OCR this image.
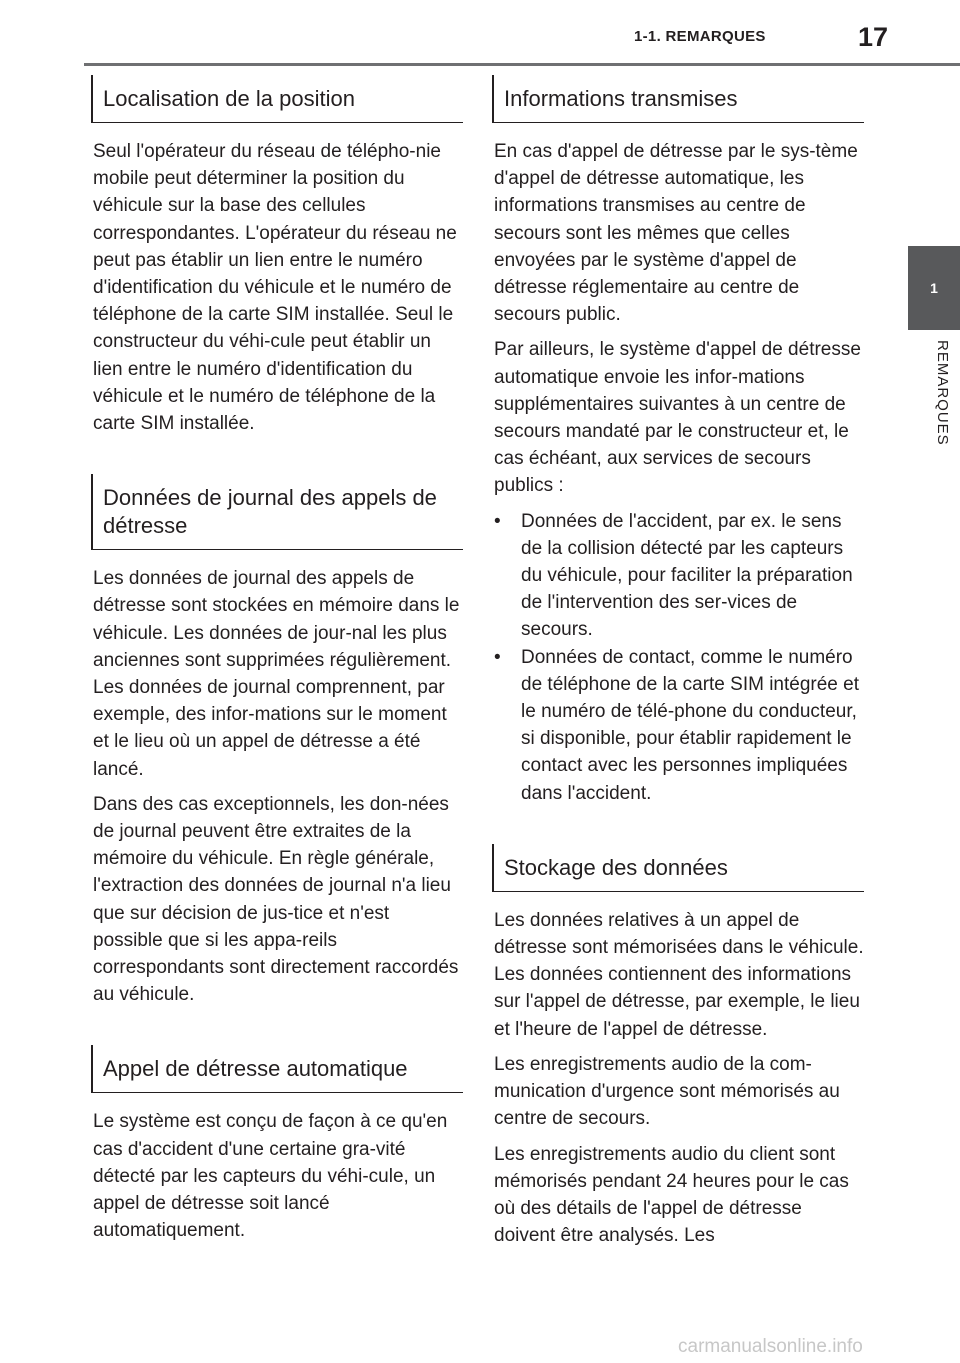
1-1. REMARQUES	17
1
REMARQUES
Localisation de la position

Seul l'opérateur du réseau de télépho-nie mobile peut déterminer la position du véhicule sur la base des cellules correspondantes. L'opérateur du réseau ne peut pas établir un lien entre le numéro d'identification du véhicule et le numéro de téléphone de la carte SIM installée. Seul le constructeur du véhi-cule peut établir un lien entre le numéro d'identification du véhicule et le numéro de téléphone de la carte SIM installée.

Données de journal des appels de détresse

Les données de journal des appels de détresse sont stockées en mémoire dans le véhicule. Les données de jour-nal les plus anciennes sont supprimées régulièrement. Les données de journal comprennent, par exemple, des infor-mations sur le moment et le lieu où un appel de détresse a été lancé.

Dans des cas exceptionnels, les don-nées de journal peuvent être extraites de la mémoire du véhicule. En règle générale, l'extraction des données de journal n'a lieu que sur décision de jus-tice et n'est possible que si les appa-reils correspondants sont directement raccordés au véhicule.

Appel de détresse automatique

Le système est conçu de façon à ce qu'en cas d'accident d'une certaine gra-vité détecté par les capteurs du véhi-cule, un appel de détresse soit lancé automatiquement.

Informations transmises

En cas d'appel de détresse par le sys-tème d'appel de détresse automatique, les informations transmises au centre de secours sont les mêmes que celles envoyées par le système d'appel de détresse réglementaire au centre de secours public.

Par ailleurs, le système d'appel de détresse automatique envoie les infor-mations supplémentaires suivantes à un centre de secours mandaté par le constructeur et, le cas échéant, aux services de secours publics :

• Données de l'accident, par ex. le sens de la collision détecté par les capteurs du véhicule, pour faciliter la préparation de l'intervention des ser-vices de secours.
• Données de contact, comme le numéro de téléphone de la carte SIM intégrée et le numéro de télé-phone du conducteur, si disponible, pour établir rapidement le contact avec les personnes impliquées dans l'accident.
Stockage des données

Les données relatives à un appel de détresse sont mémorisées dans le véhicule. Les données contiennent des informations sur l'appel de détresse, par exemple, le lieu et l'heure de l'appel de détresse.

Les enregistrements audio de la com-munication d'urgence sont mémorisés au centre de secours.

Les enregistrements audio du client sont mémorisés pendant 24 heures pour le cas où des détails de l'appel de détresse doivent être analysés. Les

carmanualsonline.info
